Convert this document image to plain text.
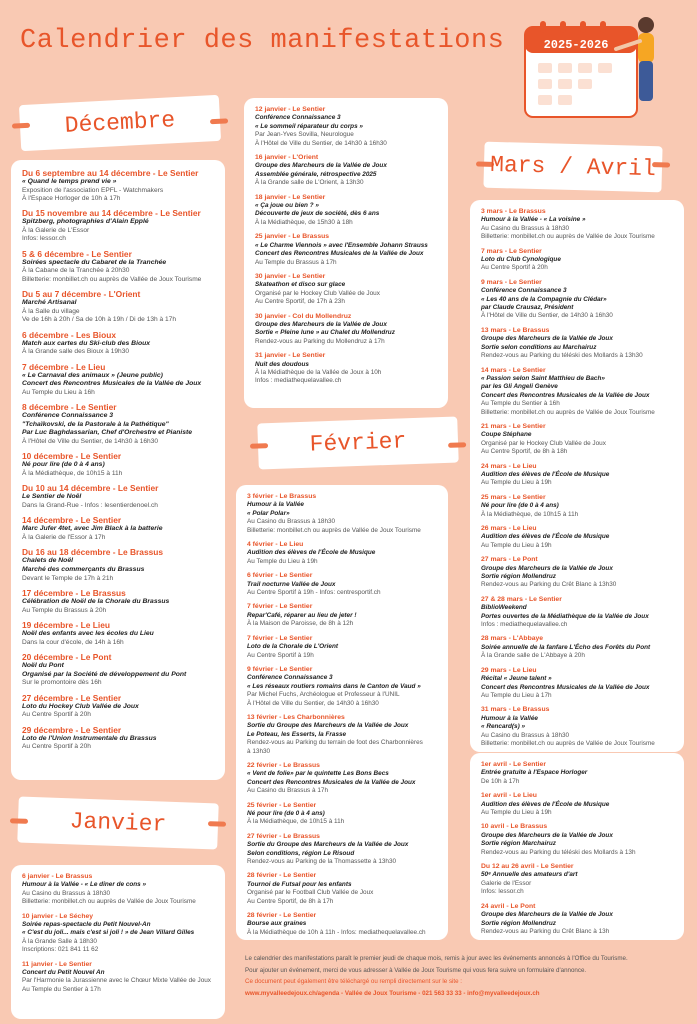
Calendrier des manifestations	2025-2026
Décembre
Du 6 septembre au 14 décembre - Le Sentier
« Quand le temps prend vie »
Exposition de l'association EPFL - Watchmakers
À l'Espace Horloger de 10h à 17h
Du 15 novembre au 14 décembre - Le Sentier
Spitzberg, photographies d'Alain Epplé
À la Galerie de L'Essor
Infos: lessor.ch
5 & 6 décembre - Le Sentier
Soirées spectacle du Cabaret de la Tranchée
À la Cabane de la Tranchée à 20h30
Billetterie: monbillet.ch ou auprès de Vallée de Joux Tourisme
Du 5 au 7 décembre - L'Orient
Marché Artisanal
À la Salle du village
Ve de 16h à 20h / Sa de 10h à 19h / Di de 13h à 17h
6 décembre - Les Bioux
Match aux cartes du Ski-club des Bioux
À la Grande salle des Bioux à 19h30
7 décembre - Le Lieu
« Le Carnaval des animaux » (Jeune public)
Concert des Rencontres Musicales de la Vallée de Joux
Au Temple du Lieu à 16h
8 décembre - Le Sentier
Conférence Connaissance 3
"Tchaïkovski, de la Pastorale à la Pathétique"
Par Luc Baghdassarian, Chef d'Orchestre et Pianiste
À l'Hôtel de Ville du Sentier, de 14h30 à 16h30
10 décembre - Le Sentier
Né pour lire (de 0 à 4 ans)
À la Médiathèque, de 10h15 à 11h
Du 10 au 14 décembre - Le Sentier
Le Sentier de Noël
Dans la Grand-Rue - Infos : lesentierdenoel.ch
14 décembre - Le Sentier
Marc Jufer 4tet, avec Jim Black à la batterie
À la Galerie de l'Essor à 17h
Du 16 au 18 décembre - Le Brassus
Chalets de Noël
Marché des commerçants du Brassus
Devant le Temple de 17h à 21h
17 décembre - Le Brassus
Célébration de Noël de la Chorale du Brassus
Au Temple du Brassus à 20h
19 décembre - Le Lieu
Noël des enfants avec les écoles du Lieu
Dans la cour d'école, de 14h à 16h
20 décembre - Le Pont
Noël du Pont
Organisé par la Société de développement du Pont
Sur le promontoire dès 16h
27 décembre - Le Sentier
Loto du Hockey Club Vallée de Joux
Au Centre Sportif à 20h
29 décembre - Le Sentier
Loto de l'Union Instrumentale du Brassus
Au Centre Sportif à 20h
Janvier
6 janvier - Le Brassus
Humour à la Vallée - « Le dîner de cons »
Au Casino du Brassus à 18h30
Billetterie: monbillet.ch ou auprès de Vallée de Joux Tourisme
10 janvier - Le Séchey
Soirée repas-spectacle du Petit Nouvel-An
« C'est du joli... mais c'est si joli ! » de Jean Villard Gilles
À la Grande Salle à 18h30
Inscriptions: 021 841 11 62
11 janvier - Le Sentier
Concert du Petit Nouvel An
Par l'Harmonie la Jurassienne avec le Chœur Mixte Vallée de Joux
Au Temple du Sentier à 17h
12 janvier - Le Sentier
Conférence Connaissance 3
« Le sommeil réparateur du corps »
Par Jean-Yves Sovilla, Neurologue
À l'Hôtel de Ville du Sentier, de 14h30 à 16h30
16 janvier - L'Orient
Groupe des Marcheurs de la Vallée de Joux
Assemblée générale, rétrospective 2025
À la Grande salle de L'Orient, à 13h30
18 janvier - Le Sentier
« Ça joue ou bien ? »
Découverte de jeux de société, dès 6 ans
À la Médiathèque, de 15h30 à 18h
25 janvier - Le Brassus
« Le Charme Viennois » avec l'Ensemble Johann Strauss
Concert des Rencontres Musicales de la Vallée de Joux
Au Temple du Brassus à 17h
30 janvier - Le Sentier
Skateathon et disco sur glace
Organisé par le Hockey Club Vallée de Joux
Au Centre Sportif, de 17h à 23h
30 janvier - Col du Mollendruz
Groupe des Marcheurs de la Vallée de Joux
Sortie « Pleine lune » au Chalet du Mollendruz
Rendez-vous au Parking du Mollendruz à 17h
31 janvier - Le Sentier
Nuit des doudous
À la Médiathèque de la Vallée de Joux à 10h
Infos : mediathequelavallee.ch
Février
3 février - Le Brassus
Humour à la Vallée
« Polar Polar»
Au Casino du Brassus à 18h30
Billetterie: monbillet.ch ou auprès de Vallée de Joux Tourisme
4 février - Le Lieu
Audition des élèves de l'École de Musique
Au Temple du Lieu à 19h
6 février - Le Sentier
Trail nocturne Vallée de Joux
Au Centre Sportif à 19h - Infos: centresportif.ch
7 février - Le Sentier
Repar'Café, réparer au lieu de jeter !
À la Maison de Paroisse, de 8h à 12h
7 février - Le Sentier
Loto de la Chorale de L'Orient
Au Centre Sportif à 19h
9 février - Le Sentier
Conférence Connaissance 3
« Les réseaux routiers romains dans le Canton de Vaud »
Par Michel Fuchs, Archéologue et Professeur à l'UNIL
À l'Hôtel de Ville du Sentier, de 14h30 à 16h30
13 février - Les Charbonnières
Sortie du Groupe des Marcheurs de la Vallée de Joux
Le Poteau, les Esserts, la Frasse
Rendez-vous au Parking du terrain de foot des Charbonnières
à 13h30
22 février - Le Brassus
« Vent de folie» par le quintette Les Bons Becs
Concert des Rencontres Musicales de la Vallée de Joux
Au Casino du Brassus à 17h
25 février - Le Sentier
Né pour lire (de 0 à 4 ans)
À la Médiathèque, de 10h15 à 11h
27 février - Le Brassus
Sortie du Groupe des Marcheurs de la Vallée de Joux
Selon conditions, région Le Risoud
Rendez-vous au Parking de la Thomassette à 13h30
28 février - Le Sentier
Tournoi de Futsal pour les enfants
Organisé par le Football Club Vallée de Joux
Au Centre Sportif, de 8h à 17h
28 février - Le Sentier
Bourse aux graines
À la Médiathèque de 10h à 11h - Infos: mediathequelavallee.ch
Mars / Avril
3 mars - Le Brassus
Humour à la Vallée - « La voisine »
Au Casino du Brassus à 18h30
Billetterie: monbillet.ch ou auprès de Vallée de Joux Tourisme
7 mars - Le Sentier
Loto du Club Cynologique
Au Centre Sportif à 20h
9 mars - Le Sentier
Conférence Connaissance 3
« Les 40 ans de la Compagnie du Clédar»
par Claude Crausaz, Président
À l'Hôtel de Ville du Sentier, de 14h30 à 16h30
13 mars - Le Brassus
Groupe des Marcheurs de la Vallée de Joux
Sortie selon conditions au Marchairuz
Rendez-vous au Parking du téléski des Mollards à 13h30
14 mars - Le Sentier
« Passion selon Saint Matthieu de Bach»
par les Gli Angeli Genève
Concert des Rencontres Musicales de la Vallée de Joux
Au Temple du Sentier à 16h
Billetterie: monbillet.ch ou auprès de Vallée de Joux Tourisme
21 mars - Le Sentier
Coupe Stéphane
Organisé par le Hockey Club Vallée de Joux
Au Centre Sportif, de 8h à 18h
24 mars - Le Lieu
Audition des élèves de l'École de Musique
Au Temple du Lieu à 19h
25 mars - Le Sentier
Né pour lire (de 0 à 4 ans)
À la Médiathèque, de 10h15 à 11h
26 mars - Le Lieu
Audition des élèves de l'École de Musique
Au Temple du Lieu à 19h
27 mars - Le Pont
Groupe des Marcheurs de la Vallée de Joux
Sortie région Mollendruz
Rendez-vous au Parking du Crêt Blanc à 13h30
27 & 28 mars - Le Sentier
BiblioWeekend
Portes ouvertes de la Médiathèque de la Vallée de Joux
Infos : mediathequelavallee.ch
28 mars - L'Abbaye
Soirée annuelle de la fanfare L'Écho des Forêts du Pont
À la Grande salle de L'Abbaye à 20h
29 mars - Le Lieu
Récital « Jeune talent »
Concert des Rencontres Musicales de la Vallée de Joux
Au Temple du Lieu à 17h
31 mars - Le Brassus
Humour à la Vallée
« Rencard(s) »
Au Casino du Brassus à 18h30
Billetterie: monbillet.ch ou auprès de Vallée de Joux Tourisme
1er avril - Le Sentier
Entrée gratuite à l'Espace Horloger
De 10h à 17h
1er avril - Le Lieu
Audition des élèves de l'École de Musique
Au Temple du Lieu à 19h
10 avril - Le Brassus
Groupe des Marcheurs de la Vallée de Joux
Sortie région Marchairuz
Rendez-vous au Parking du téléski des Mollards à 13h
Du 12 au 26 avril - Le Sentier
50ᵉ Annuelle des amateurs d'art
Galerie de l'Essor
Infos: lessor.ch
24 avril - Le Pont
Groupe des Marcheurs de la Vallée de Joux
Sortie région Mollendruz
Rendez-vous au Parking du Crêt Blanc à 13h

Le calendrier des manifestations paraît le premier jeudi de chaque mois, remis à jour avec les événements annoncés à l'Office du Tourisme.

Pour ajouter un événement, merci de vous adresser à Vallée de Joux Tourisme qui vous fera suivre un formulaire d'annonce.

Ce document peut également être téléchargé ou rempli directement sur le site :

www.myvalleedejoux.ch/agenda - Vallée de Joux Tourisme - 021 563 33 33 - info@myvalleedejoux.ch
